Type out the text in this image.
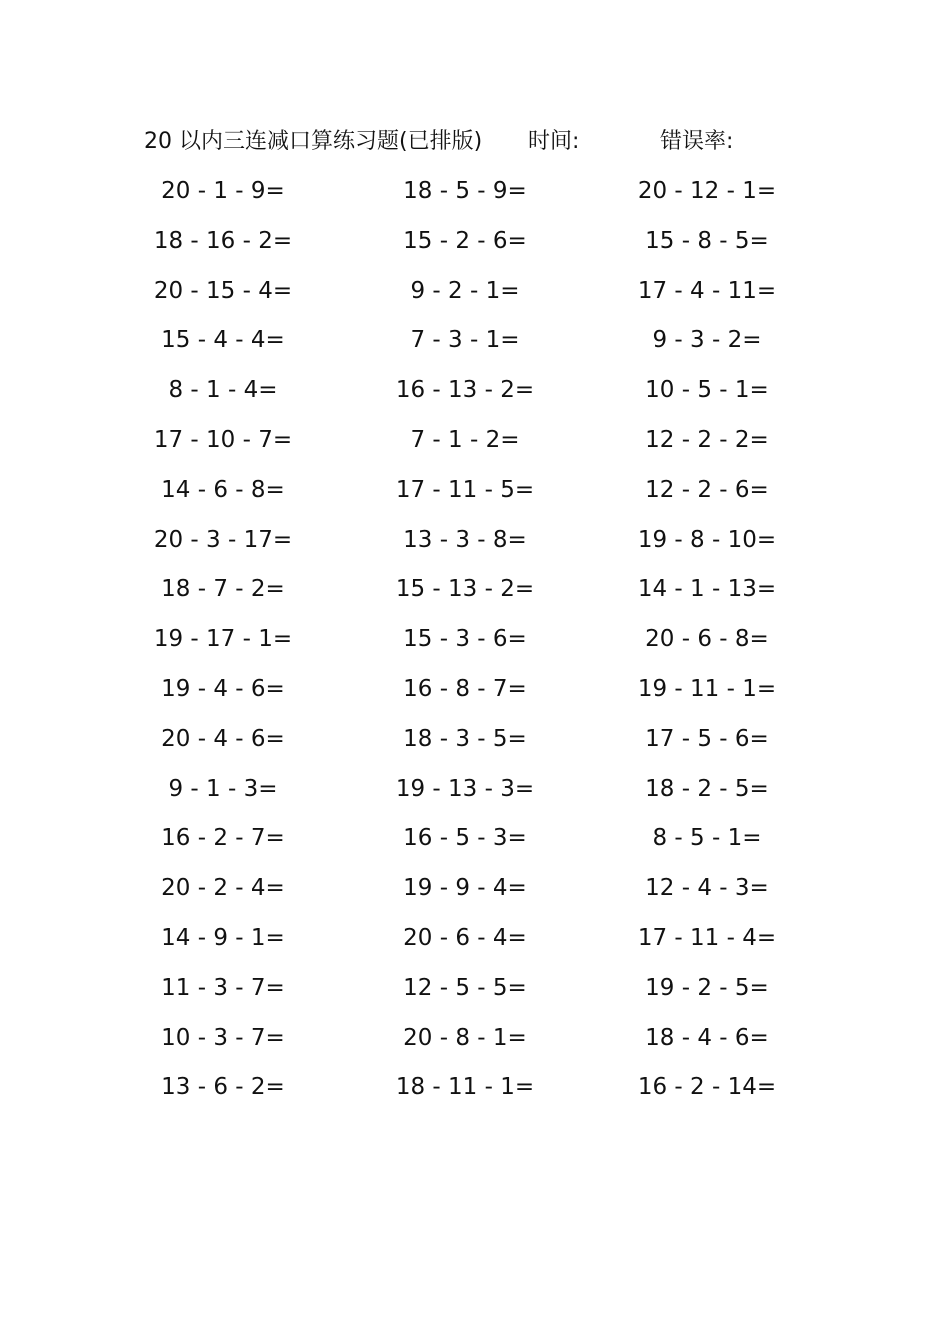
20 以内三连减口算练习题(已排版) 时间:	错误率:
20 - 1 - 9=	18 - 5 - 9=	20 - 12 - 1=
18 - 16 - 2=	15 - 2 - 6=	15 - 8 - 5=
20 - 15 - 4=	9 - 2 - 1=	17 - 4 - 11=
15 - 4 - 4=	7 - 3 - 1=	9 - 3 - 2=
8 - 1 - 4=	16 - 13 - 2=	10 - 5 - 1=
17 - 10 - 7=	7 - 1 - 2=	12 - 2 - 2=
14 - 6 - 8=	17 - 11 - 5=	12 - 2 - 6=
20 - 3 - 17=	13 - 3 - 8=	19 - 8 - 10=
18 - 7 - 2=	15 - 13 - 2=	14 - 1 - 13=
19 - 17 - 1=	15 - 3 - 6=	20 - 6 - 8=
19 - 4 - 6=	16 - 8 - 7=	19 - 11 - 1=
20 - 4 - 6=	18 - 3 - 5=	17 - 5 - 6=
9 - 1 - 3=	19 - 13 - 3=	18 - 2 - 5=
16 - 2 - 7=	16 - 5 - 3=	8 - 5 - 1=
20 - 2 - 4=	19 - 9 - 4=	12 - 4 - 3=
14 - 9 - 1=	20 - 6 - 4=	17 - 11 - 4=
11 - 3 - 7=	12 - 5 - 5=	19 - 2 - 5=
10 - 3 - 7=	20 - 8 - 1=	18 - 4 - 6=
13 - 6 - 2=	18 - 11 - 1=	16 - 2 - 14=
